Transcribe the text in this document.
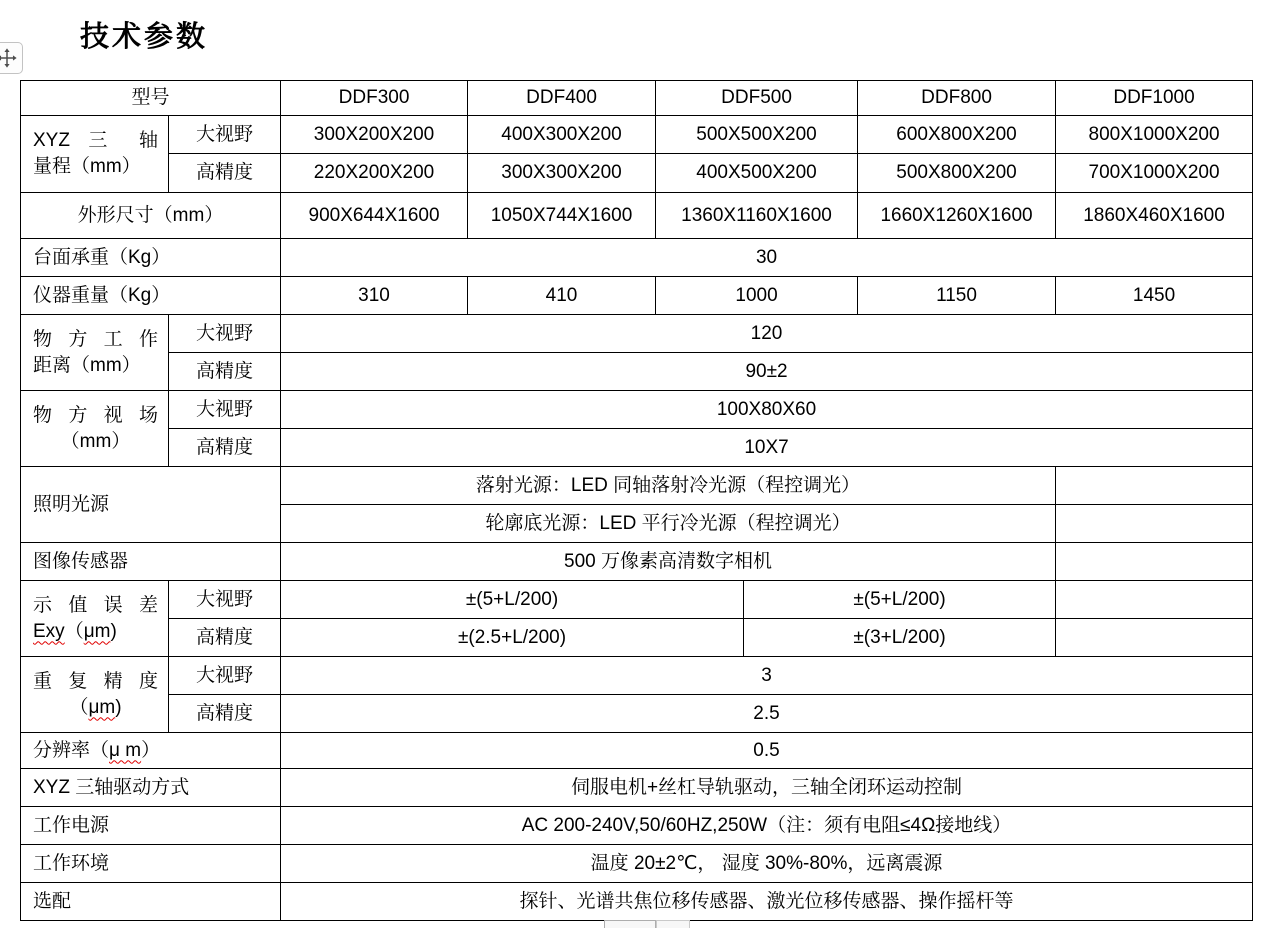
技术参数
型号		DDF300	DDF400	DDF500		DDF800	DDF1000

XYZ 三 轴
量程（mm）	大视野	300X200X200	400X300X200	500X500X200		600X800X200	800X1000X200
	高精度	220X200X200	300X300X200	400X500X200		500X800X200	700X1000X200
外形尺寸（mm）		900X644X1600	1050X744X1600	1360X1160X1600		1660X1260X1600	1860X460X1600
台面承重（Kg）		30					
仪器重量（Kg）		310	410	1000		1150	1450

物方工作
距离（mm）	大视野	120					
	高精度	90±2					

物方视场
（mm）	大视野	100X80X60					
	高精度	10X7					
照明光源		落射光源：LED 同轴落射冷光源（程控调光）					
		轮廓底光源：LED 平行冷光源（程控调光）					
图像传感器		500 万像素高清数字相机					

示值误差
Exy（μm)	大视野	±(5+L/200)			±(5+L/200)		
	高精度	±(2.5+L/200)			±(3+L/200)		

重复精度
（μm)	大视野	3					
	高精度	2.5					
分辨率（μ m）		0.5					
XYZ 三轴驱动方式		伺服电机+丝杠导轨驱动，三轴全闭环运动控制					
工作电源		AC 200-240V,50/60HZ,250W（注：须有电阻≤4Ω接地线）					
工作环境		温度 20±2℃， 湿度 30%-80%，远离震源					
选配		探针、光谱共焦位移传感器、激光位移传感器、操作摇杆等					
